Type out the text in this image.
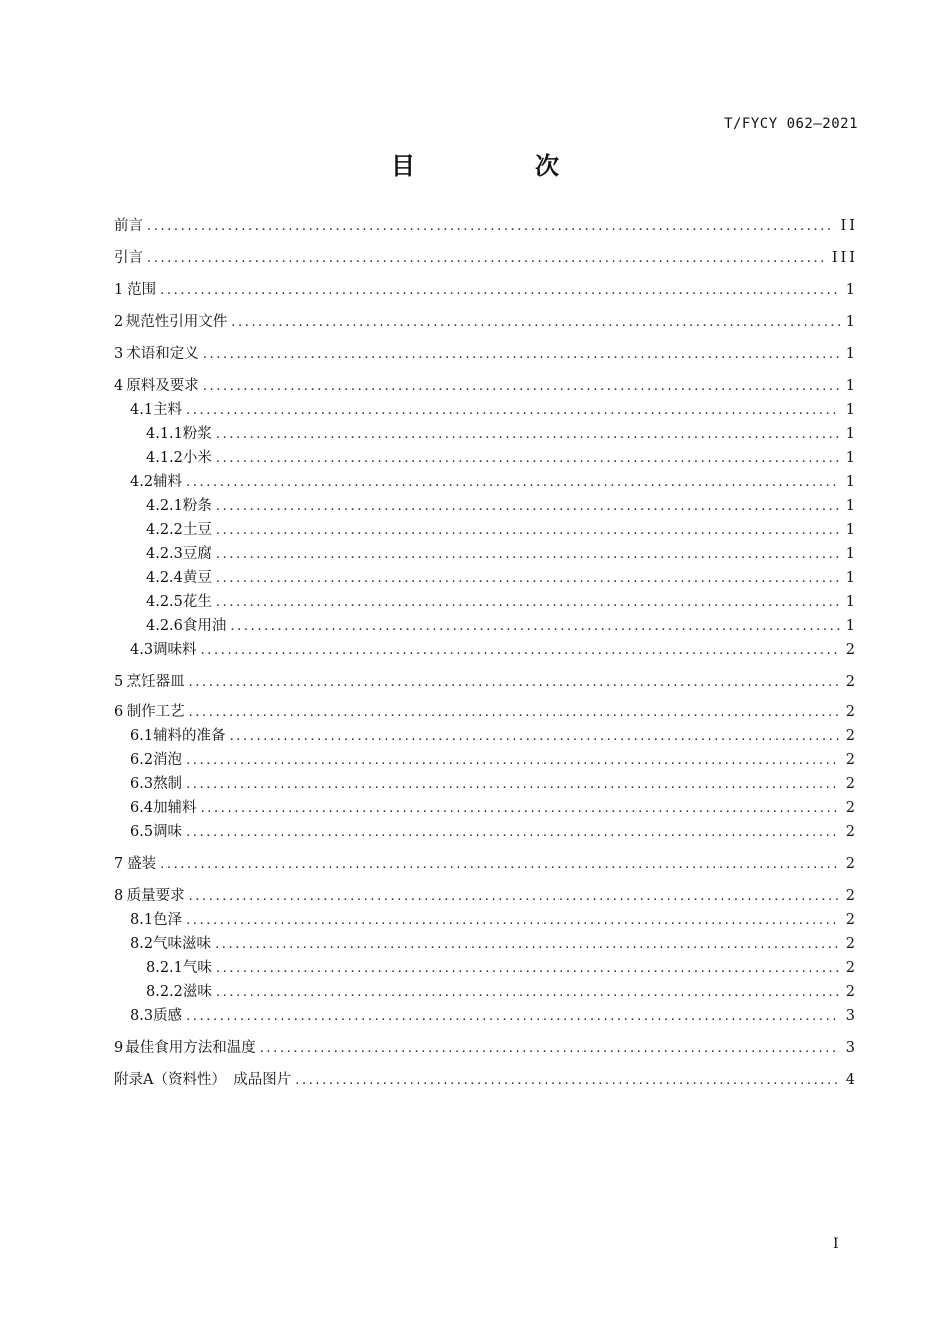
T/FYCY 062—2021
目　次
前言 .....	II
引言 .....	III
1 范围 .....	1
2 规范性引用文件 .....	1
3 术语和定义 .....	1
4 原料及要求 .....	1
4.1 主料 .....	1
4.1.1 粉浆 .....	1
4.1.2 小米 .....	1
4.2 辅料 .....	1
4.2.1 粉条 .....	1
4.2.2 土豆 .....	1
4.2.3 豆腐 .....	1
4.2.4 黄豆 .....	1
4.2.5 花生 .....	1
4.2.6 食用油 .....	1
4.3 调味料 .....	2
5 烹饪器皿 .....	2
6 制作工艺 .....	2
6.1 辅料的准备 .....	2
6.2 消泡 .....	2
6.3 熬制 .....	2
6.4 加辅料 .....	2
6.5 调味 .....	2
7 盛装 .....	2
8 质量要求 .....	2
8.1 色泽 .....	2
8.2 气味滋味 .....	2
8.2.1 气味 .....	2
8.2.2 滋味 .....	2
8.3 质感 .....	3
9 最佳食用方法和温度 .....	3
附录A（资料性）　成品图片 .....	4
I
